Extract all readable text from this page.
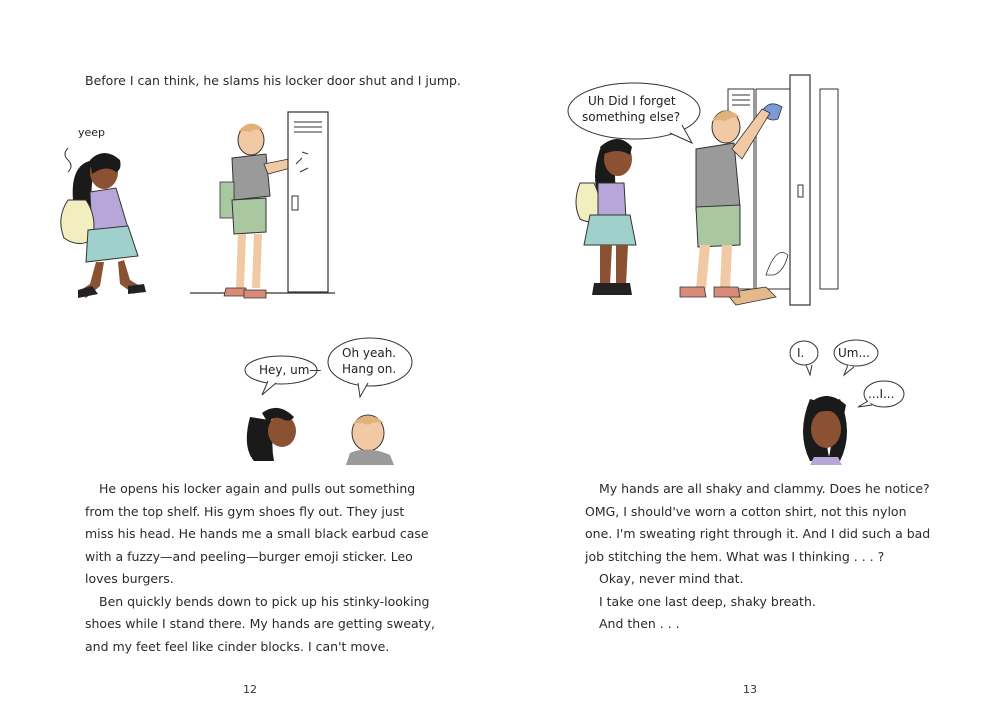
Before I can think, he slams his locker door shut and I jump.

yeep
Hey, um—
Oh yeah.
Hang on.

He opens his locker again and pulls out something from the top shelf. His gym shoes fly out. They just miss his head. He hands me a small black earbud case with a fuzzy—and peeling—burger emoji sticker. Leo loves burgers.

Ben quickly bends down to pick up his stinky-looking shoes while I stand there. My hands are getting sweaty, and my feet feel like cinder blocks. I can't move.

12
Uh Did I forget
something else?
I.	Um...
...I...

My hands are all shaky and clammy. Does he notice? OMG, I should've worn a cotton shirt, not this nylon one. I'm sweating right through it. And I did such a bad job stitching the hem. What was I thinking . . . ?

Okay, never mind that.

I take one last deep, shaky breath.

And then . . .

13
